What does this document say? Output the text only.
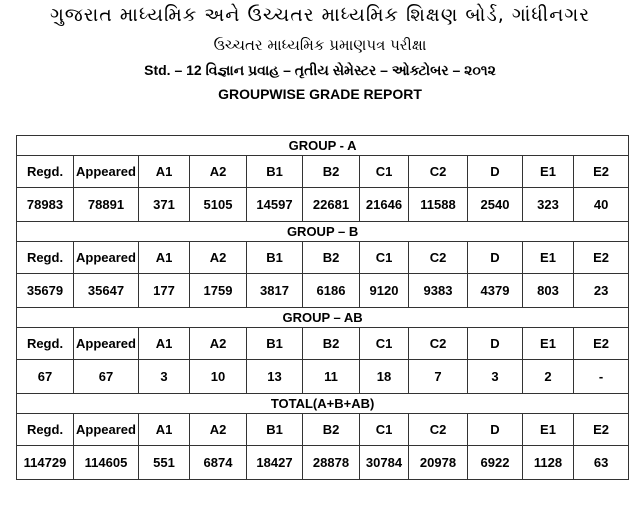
ગુજરાત માધ્યમિક અને ઉચ્ચતર માધ્યમિક શિક્ષણ બોર્ડ, ગાંધીનગર
ઉચ્ચતર માધ્યમિક પ્રમાણપત્ર પરીક્ષા
Std. – 12 વિજ્ઞાન પ્રવાહ – તૃતીય સેમેસ્ટર – ઓક્ટોબર – ૨૦૧૨
GROUPWISE GRADE REPORT
GROUP - A										
Regd.	Appeared	A1	A2	B1	B2	C1	C2	D	E1	E2
78983	78891	371	5105	14597	22681	21646	11588	2540	323	40
GROUP – B										
Regd.	Appeared	A1	A2	B1	B2	C1	C2	D	E1	E2
35679	35647	177	1759	3817	6186	9120	9383	4379	803	23
GROUP – AB										
Regd.	Appeared	A1	A2	B1	B2	C1	C2	D	E1	E2
67	67	3	10	13	11	18	7	3	2	-
TOTAL(A+B+AB)										
Regd.	Appeared	A1	A2	B1	B2	C1	C2	D	E1	E2
114729	114605	551	6874	18427	28878	30784	20978	6922	1128	63
